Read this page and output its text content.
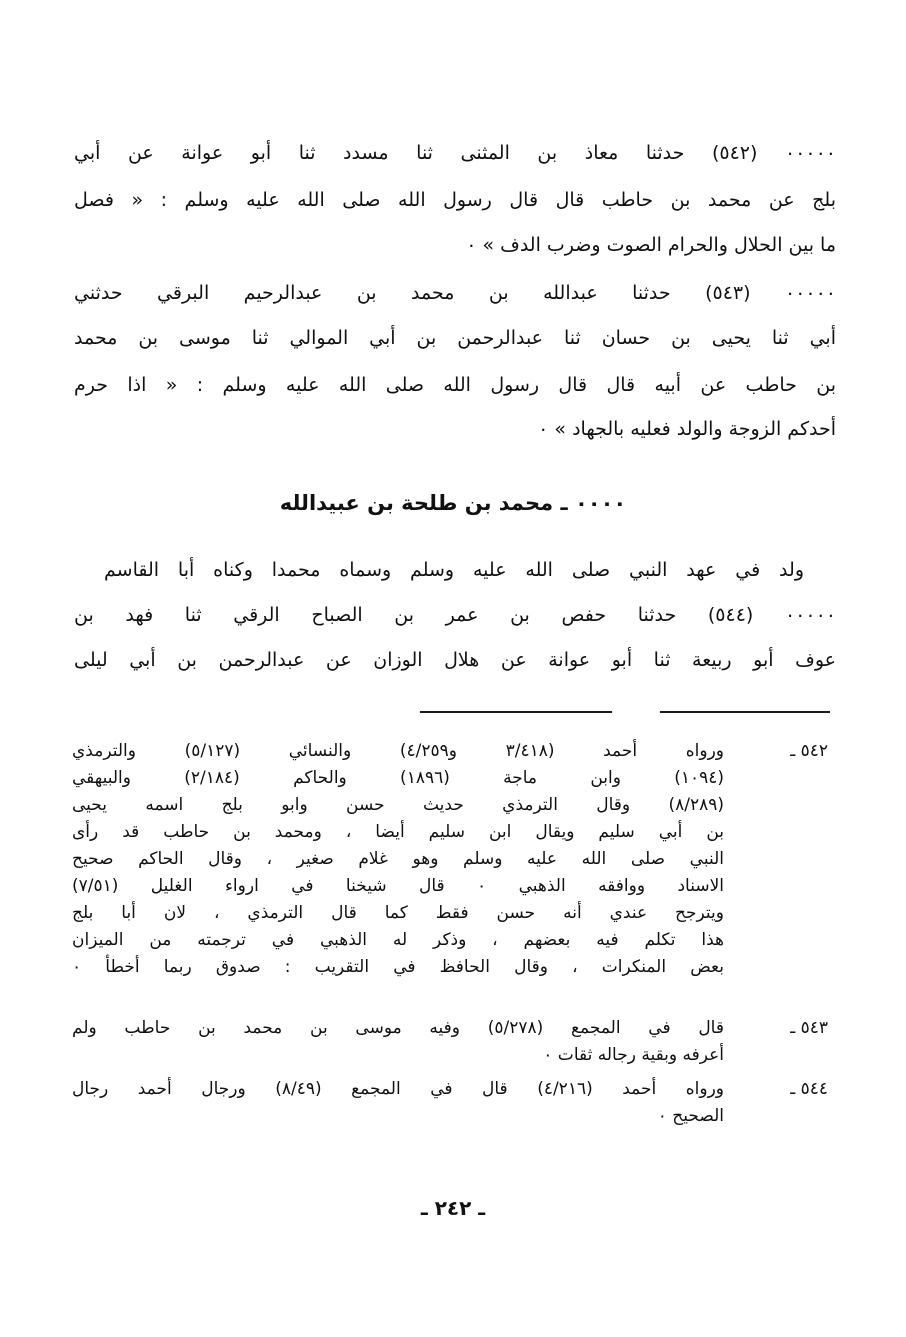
٠٠٠٠٠ (٥٤٢) حدثنا معاذ بن المثنى ثنا مسدد ثنا أبو عوانة عن أبي
بلج عن محمد بن حاطب قال قال رسول الله صلى الله عليه وسلم : « فصل
ما بين الحلال والحرام الصوت وضرب الدف » ٠
٠٠٠٠٠ (٥٤٣) حدثنا عبدالله بن محمد بن عبدالرحيم البرقي حدثني
أبي ثنا يحيى بن حسان ثنا عبدالرحمن بن أبي الموالي ثنا موسى بن محمد
بن حاطب عن أبيه قال قال رسول الله صلى الله عليه وسلم : « اذا حرم
أحدكم الزوجة والولد فعليه بالجهاد » ٠
٠٠٠٠ ـ محمد بن طلحة بن عبيدالله
ولد في عهد النبي صلى الله عليه وسلم وسماه محمدا وكناه أبا القاسم
٠٠٠٠٠ (٥٤٤) حدثنا حفص بن عمر بن الصباح الرقي ثنا فهد بن
عوف أبو ربيعة ثنا أبو عوانة عن هلال الوزان عن عبدالرحمن بن أبي ليلى
٥٤٢ ـ
ورواه أحمد (٣/٤١٨ و٤/٢٥٩) والنسائي (٥/١٢٧) والترمذي
(١٠٩٤) وابن ماجة (١٨٩٦) والحاكم (٢/١٨٤) والبيهقي
(٨/٢٨٩) وقال الترمذي حديث حسن وابو بلج اسمه يحيى
بن أبي سليم ويقال ابن سليم أيضا ، ومحمد بن حاطب قد رأى
النبي صلى الله عليه وسلم وهو غلام صغير ، وقال الحاكم صحيح
الاسناد ووافقه الذهبي ٠ قال شيخنا في ارواء الغليل (٧/٥١)
ويترجح عندي أنه حسن فقط كما قال الترمذي ، لان أبا بلج
هذا تكلم فيه بعضهم ، وذكر له الذهبي في ترجمته من الميزان
بعض المنكرات ، وقال الحافظ في التقريب : صدوق ربما أخطأ ٠
٥٤٣ ـ
قال في المجمع (٥/٢٧٨) وفيه موسى بن محمد بن حاطب ولم
أعرفه وبقية رجاله ثقات ٠
٥٤٤ ـ
ورواه أحمد (٤/٢١٦) قال في المجمع (٨/٤٩) ورجال أحمد رجال
الصحيح ٠
ـ ٢٤٢ ـ
